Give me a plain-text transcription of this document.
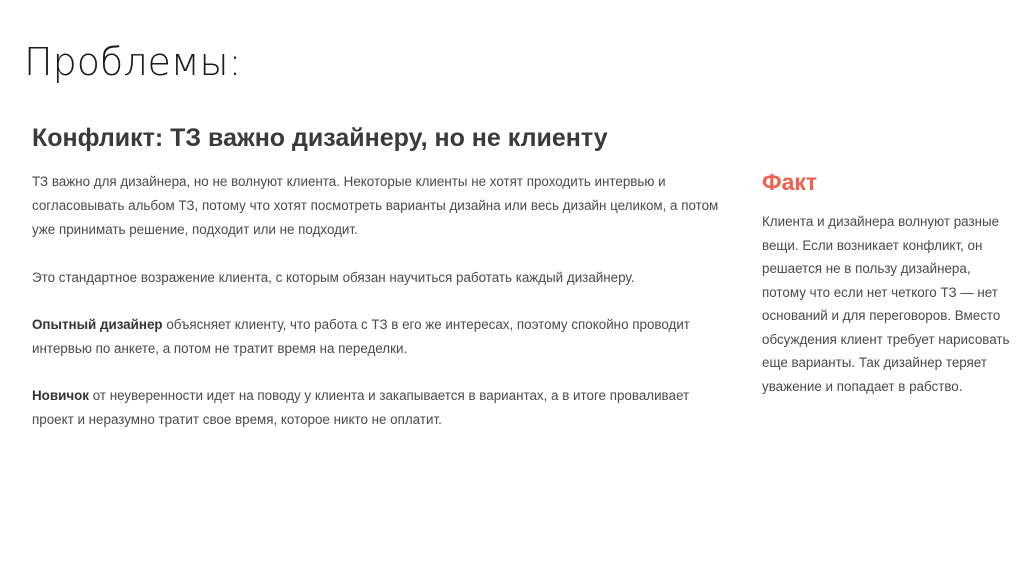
Проблемы:
Конфликт: ТЗ важно дизайнеру, но не клиенту

ТЗ важно для дизайнера, но не волнуют клиента. Некоторые клиенты не хотят проходить интервью и согласовывать альбом ТЗ, потому что хотят посмотреть варианты дизайна или весь дизайн целиком, а потом уже принимать решение, подходит или не подходит.

Это стандартное возражение клиента, с которым обязан научиться работать каждый дизайнеру.

Опытный дизайнер объясняет клиенту, что работа с ТЗ в его же интересах, поэтому спокойно проводит интервью по анкете, а потом не тратит время на переделки.

Новичок от неуверенности идет на поводу у клиента и закапывается в вариантах, а в итоге проваливает проект и неразумно тратит свое время, которое никто не оплатит.

Факт

Клиента и дизайнера волнуют разные вещи. Если возникает конфликт, он решается не в пользу дизайнера, потому что если нет четкого ТЗ — нет оснований и для переговоров. Вместо обсуждения клиент требует нарисовать еще варианты. Так дизайнер теряет уважение и попадает в рабство.
